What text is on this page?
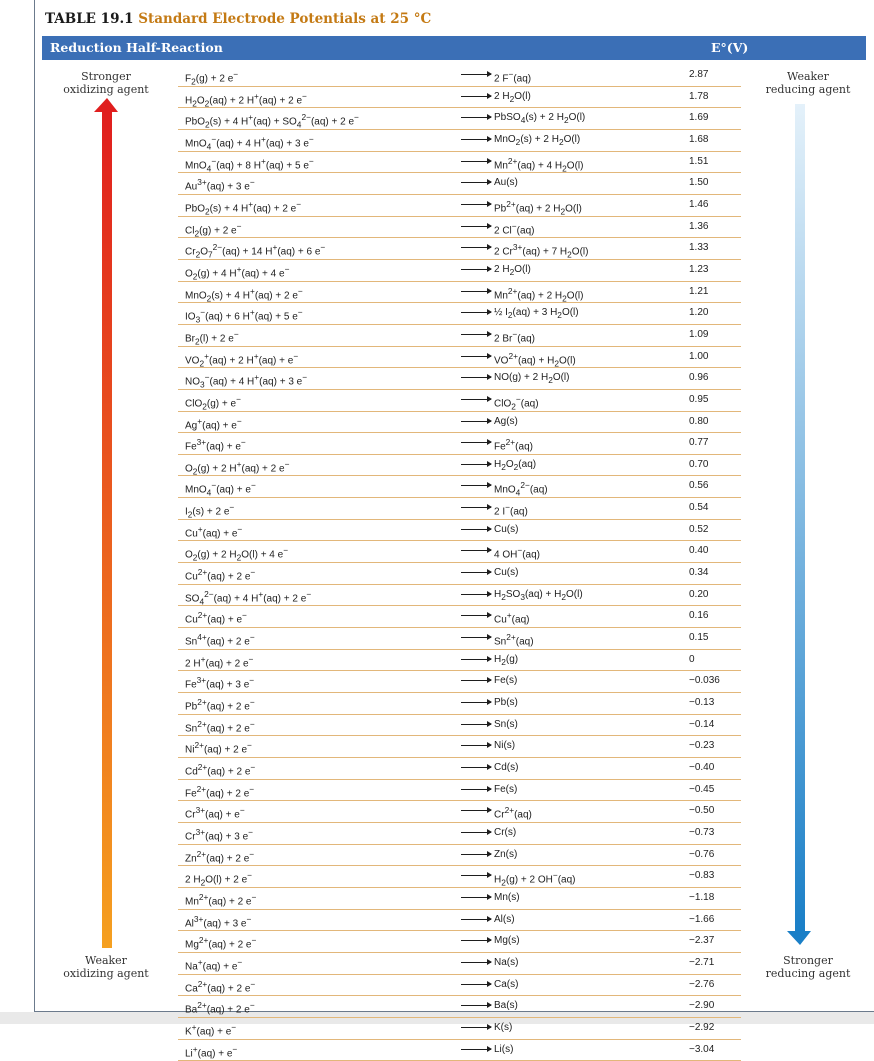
TABLE 19.1 Standard Electrode Potentials at 25 °C
Reduction Half-Reaction	E°(V)
Stronger
oxidizing agent
Weaker
oxidizing agent
Weaker
reducing agent
Stronger
reducing agent
$F_2(g) + 2$ e−	→ 2 F−(aq)	2.87
$H_2O_2(aq) + 2$ H+(aq) + 2 e−	→ 2 $H_2O(l)$	1.78
PbO$_2$(s) + 4 $H^+(aq) + SO_4^{2-}(aq) + 2$ e−	→ PbSO$_4$(s) + 2 $H_2O(l)$	1.69
MnO$_4$−(aq) + 4 H+(aq) + 3 e−	→ MnO$_2$(s) + 2 $H_2O(l)$	1.68
MnO$_4$−(aq) + 8 H+(aq) + 5 e−	→ $Mn^{2+}(aq) + 4$ $H_2O(l)$	1.51
$Au^{3+}(aq) + 3$ e−	→ Au(s)	1.50
PbO$_2$(s) + 4 H+(aq) + 2 e−	→ $Pb^{2+}(aq) + 2$ $H_2O(l)$	1.46
$Cl_2(g) + 2$ e−	→ 2 Cl−(aq)	1.36
$Cr_2O_7^{2-}(aq) + 14$ H+(aq) + 6 e−	→ 2 $Cr^{3+}(aq) + 7$ $H_2O(l)$	1.33
$O_2(g) + 4$ H+(aq) + 4 e−	→ 2 $H_2O(l)$	1.23
MnO$_2$(s) + 4 H+(aq) + 2 e−	→ $Mn^{2+}(aq) + 2$ $H_2O(l)$	1.21
$IO_3^-(aq) + 6$ H+(aq) + 5 e−	→ ½ $I_2(aq) + 3$ $H_2O(l)$	1.20
$Br_2(l) + 2$ e−	→ 2 Br−(aq)	1.09
$VO_2^+(aq) + 2$ H+(aq) + e−	→ $VO^{2+}(aq) + H_2O(l)$	1.00
$NO_3^-(aq) + 4$ H+(aq) + 3 e−	→ NO(g) + 2 $H_2O(l)$	0.96
ClO$_2$(g) + e−	→ ClO$_2$−(aq)	0.95
Ag+(aq) + e−	→ Ag(s)	0.80
$Fe^{3+}(aq) + e^-$	→ $Fe^{2+}(aq)$	0.77
$O_2(g) + 2$ H+(aq) + 2 e−	→ $H_2O_2(aq)$	0.70
MnO$_4$−(aq) + e−	→ MnO$_4^{2-}$(aq)	0.56
$I_2(s) + 2$ e−	→ 2 I−(aq)	0.54
Cu+(aq) + e−	→ Cu(s)	0.52
$O_2(g) + 2$ $H_2O(l) + 4$ e−	→ 4 OH−(aq)	0.40
$Cu^{2+}(aq) + 2$ e−	→ Cu(s)	0.34
$SO_4^{2-}(aq) + 4$ H+(aq) + 2 e−	→ $H_2SO_3(aq) + H_2O(l)$	0.20
$Cu^{2+}(aq) + e^-$	→ Cu+(aq)	0.16
$Sn^{4+}(aq) + 2$ e−	→ $Sn^{2+}(aq)$	0.15
2 H+(aq) + 2 e−	→ $H_2(g)$	0
$Fe^{3+}(aq) + 3$ e−	→ Fe(s)	−0.036
$Pb^{2+}(aq) + 2$ e−	→ Pb(s)	−0.13
$Sn^{2+}(aq) + 2$ e−	→ Sn(s)	−0.14
$Ni^{2+}(aq) + 2$ e−	→ Ni(s)	−0.23
$Cd^{2+}(aq) + 2$ e−	→ Cd(s)	−0.40
$Fe^{2+}(aq) + 2$ e−	→ Fe(s)	−0.45
$Cr^{3+}(aq) + e^-$	→ $Cr^{2+}(aq)$	−0.50
$Cr^{3+}(aq) + 3$ e−	→ Cr(s)	−0.73
$Zn^{2+}(aq) + 2$ e−	→ Zn(s)	−0.76
2 $H_2O(l) + 2$ e−	→ $H_2(g) + 2$ OH−(aq)	−0.83
$Mn^{2+}(aq) + 2$ e−	→ Mn(s)	−1.18
$Al^{3+}(aq) + 3$ e−	→ Al(s)	−1.66
$Mg^{2+}(aq) + 2$ e−	→ Mg(s)	−2.37
Na+(aq) + e−	→ Na(s)	−2.71
$Ca^{2+}(aq) + 2$ e−	→ Ca(s)	−2.76
$Ba^{2+}(aq) + 2$ e−	→ Ba(s)	−2.90
K+(aq) + e−	→ K(s)	−2.92
Li+(aq) + e−	→ Li(s)	−3.04
